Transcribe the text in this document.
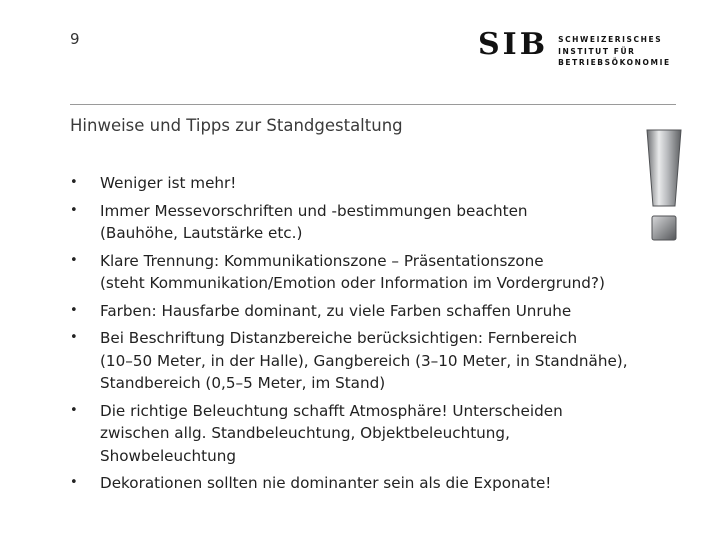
9	SIB SCHWEIZERISCHES
INSTITUT FÜR
BETRIEBSÖKONOMIE
Hinweise und Tipps zur Standgestaltung
• Weniger ist mehr!
• Immer Messevorschriften und -bestimmungen beachten
(Bauhöhe, Lautstärke etc.)
• Klare Trennung: Kommunikationszone – Präsentationszone
(steht Kommunikation/Emotion oder Information im Vordergrund?)
• Farben: Hausfarbe dominant, zu viele Farben schaffen Unruhe
• Bei Beschriftung Distanzbereiche berücksichtigen: Fernbereich
(10–50 Meter, in der Halle), Gangbereich (3–10 Meter, in Standnähe),
Standbereich (0,5–5 Meter, im Stand)
• Die richtige Beleuchtung schafft Atmosphäre! Unterscheiden
zwischen allg. Standbeleuchtung, Objektbeleuchtung,
Showbeleuchtung
• Dekorationen sollten nie dominanter sein als die Exponate!
